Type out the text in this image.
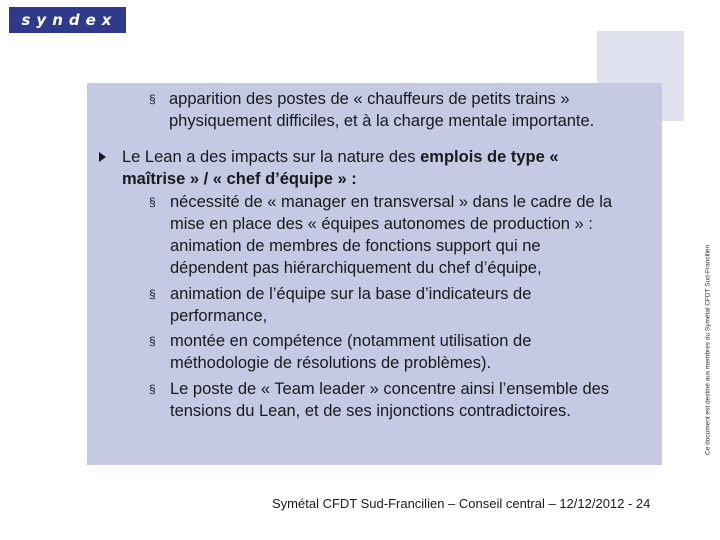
syndex
§ apparition des postes de « chauffeurs de petits trains »
physiquement difficiles, et à la charge mentale importante.
Le Lean a des impacts sur la nature des emplois de type «
maîtrise » / « chef d’équipe » :
§ nécessité de « manager en transversal » dans le cadre de la
mise en place des « équipes autonomes de production » :
animation de membres de fonctions support qui ne
dépendent pas hiérarchiquement du chef d’équipe,
§ animation de l’équipe sur la base d’indicateurs de
performance,
§ montée en compétence (notamment utilisation de
méthodologie de résolutions de problèmes).
§ Le poste de « Team leader » concentre ainsi l’ensemble des
tensions du Lean, et de ses injonctions contradictoires.	Ce document est destiné aux membres du Symétal CFDT Sud-Francilien
Symétal CFDT Sud-Francilien – Conseil central – 12/12/2012 - 24
